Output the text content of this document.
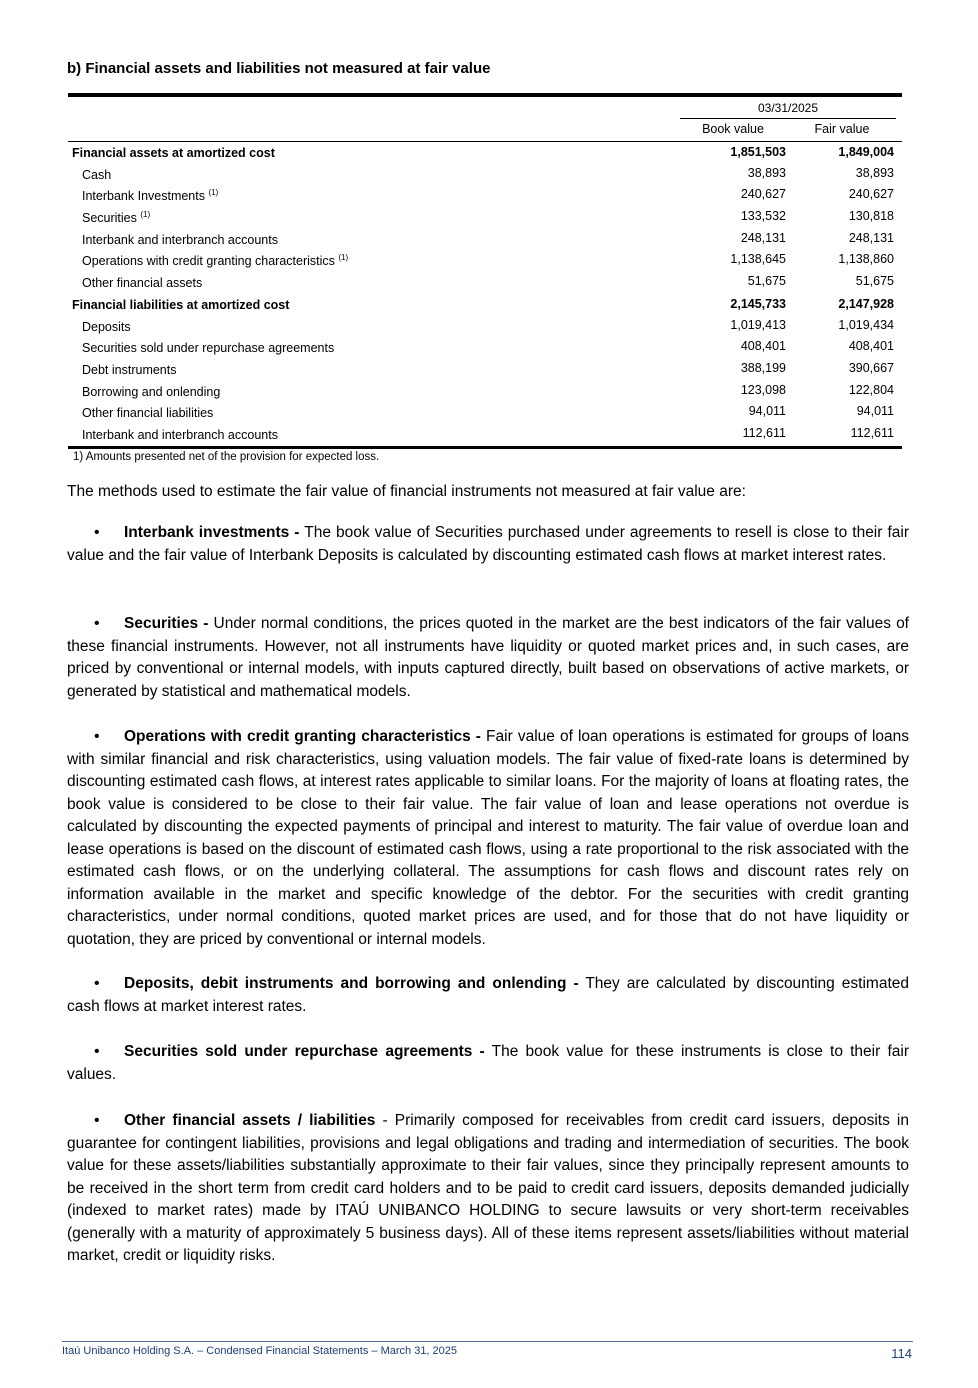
b) Financial assets and liabilities not measured at fair value
03/31/2025
Book value	Fair value
Financial assets at amortized cost	1,851,503	1,849,004
Cash	38,893	38,893
Interbank Investments $^{(1)}$	240,627	240,627
Securities $^{(1)}$	133,532	130,818
Interbank and interbranch accounts	248,131	248,131
Operations with credit granting characteristics $^{(1)}$	1,138,645	1,138,860
Other financial assets	51,675	51,675
Financial liabilities at amortized cost	2,145,733	2,147,928
Deposits	1,019,413	1,019,434
Securities sold under repurchase agreements	408,401	408,401
Debt instruments	388,199	390,667
Borrowing and onlending	123,098	122,804
Other financial liabilities	94,011	94,011
Interbank and interbranch accounts	112,611	112,611
1) Amounts presented net of the provision for expected loss.
The methods used to estimate the fair value of financial instruments not measured at fair value are:
• Interbank investments - The book value of Securities purchased under agreements to resell is close to their fair value and the fair value of Interbank Deposits is calculated by discounting estimated cash flows at market interest rates.
• Securities - Under normal conditions, the prices quoted in the market are the best indicators of the fair values of these financial instruments. However, not all instruments have liquidity or quoted market prices and, in such cases, are priced by conventional or internal models, with inputs captured directly, built based on observations of active markets, or generated by statistical and mathematical models.
• Operations with credit granting characteristics - Fair value of loan operations is estimated for groups of loans with similar financial and risk characteristics, using valuation models. The fair value of fixed-rate loans is determined by discounting estimated cash flows, at interest rates applicable to similar loans. For the majority of loans at floating rates, the book value is considered to be close to their fair value. The fair value of loan and lease operations not overdue is calculated by discounting the expected payments of principal and interest to maturity. The fair value of overdue loan and lease operations is based on the discount of estimated cash flows, using a rate proportional to the risk associated with the estimated cash flows, or on the underlying collateral. The assumptions for cash flows and discount rates rely on information available in the market and specific knowledge of the debtor. For the securities with credit granting characteristics, under normal conditions, quoted market prices are used, and for those that do not have liquidity or quotation, they are priced by conventional or internal models.
• Deposits, debit instruments and borrowing and onlending - They are calculated by discounting estimated cash flows at market interest rates.
• Securities sold under repurchase agreements - The book value for these instruments is close to their fair values.
• Other financial assets / liabilities - Primarily composed for receivables from credit card issuers, deposits in guarantee for contingent liabilities, provisions and legal obligations and trading and intermediation of securities. The book value for these assets/liabilities substantially approximate to their fair values, since they principally represent amounts to be received in the short term from credit card holders and to be paid to credit card issuers, deposits demanded judicially (indexed to market rates) made by ITAÚ UNIBANCO HOLDING to secure lawsuits or very short-term receivables (generally with a maturity of approximately 5 business days). All of these items represent assets/liabilities without material market, credit or liquidity risks.
Itaú Unibanco Holding S.A. – Condensed Financial Statements – March 31, 2025	114
